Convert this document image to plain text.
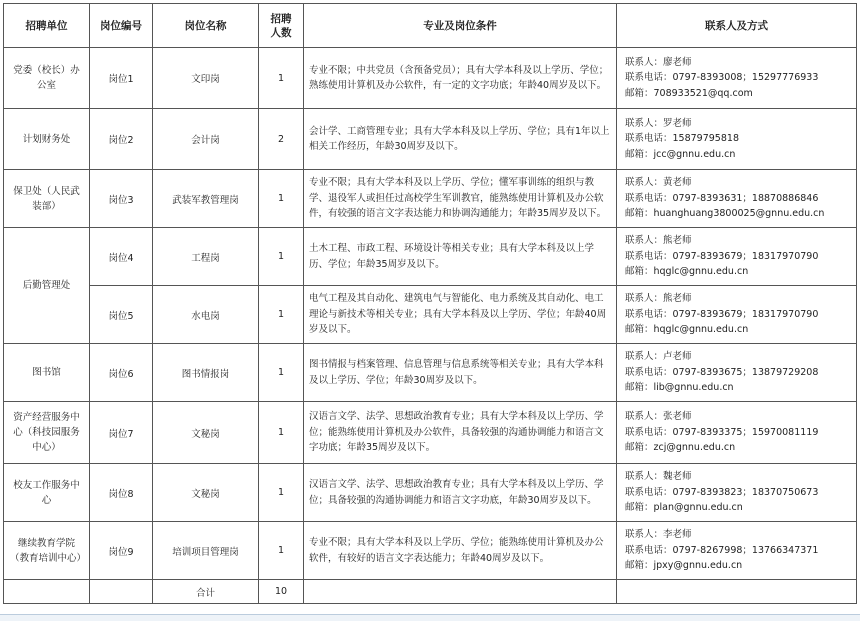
招聘单位	岗位编号	岗位名称	招聘人数	专业及岗位条件	联系人及方式
党委（校长）办公室	岗位1	文印岗	1	专业不限；中共党员（含预备党员）；具有大学本科及以上学历、学位；熟练使用计算机及办公软件，有一定的文字功底；年龄40周岁及以下。	联系人：廖老师
联系电话：0797-8393008；15297776933
邮箱：708933521@qq.com

计划财务处	岗位2	会计岗	2	会计学、工商管理专业；具有大学本科及以上学历、学位；具有1年以上相关工作经历，年龄30周岁及以下。	联系人：罗老师
联系电话：15879795818
邮箱：jcc@gnnu.edu.cn

保卫处（人民武装部）	岗位3	武装军教管理岗	1	专业不限；具有大学本科及以上学历、学位；懂军事训练的组织与教学、退役军人或担任过高校学生军训教官，能熟练使用计算机及办公软件，有较强的语言文字表达能力和协调沟通能力；年龄35周岁及以下。	联系人：黄老师
联系电话：0797-8393631；18870886846
邮箱：huanghuang3800025@gnnu.edu.cn

后勤管理处	岗位4	工程岗	1	土木工程、市政工程、环境设计等相关专业；具有大学本科及以上学历、学位；年龄35周岁及以下。	联系人：熊老师
联系电话：0797-8393679；18317970790
邮箱：hqglc@gnnu.edu.cn

	岗位5	水电岗	1	电气工程及其自动化、建筑电气与智能化、电力系统及其自动化、电工理论与新技术等相关专业；具有大学本科及以上学历、学位；年龄40周岁及以下。	联系人：熊老师
联系电话：0797-8393679；18317970790
邮箱：hqglc@gnnu.edu.cn

图书馆	岗位6	图书情报岗	1	图书情报与档案管理、信息管理与信息系统等相关专业；具有大学本科及以上学历、学位；年龄30周岁及以下。	联系人：卢老师
联系电话：0797-8393675；13879729208
邮箱：lib@gnnu.edu.cn

资产经营服务中心（科技园服务中心）	岗位7	文秘岗	1	汉语言文学、法学、思想政治教育专业；具有大学本科及以上学历、学位；能熟练使用计算机及办公软件，具备较强的沟通协调能力和语言文字功底；年龄35周岁及以下。	联系人：张老师
联系电话：0797-8393375；15970081119
邮箱：zcj@gnnu.edu.cn

校友工作服务中心	岗位8	文秘岗	1	汉语言文学、法学、思想政治教育专业；具有大学本科及以上学历、学位；具备较强的沟通协调能力和语言文字功底，年龄30周岁及以下。	联系人：魏老师
联系电话：0797-8393823；18370750673
邮箱：plan@gnnu.edu.cn

继续教育学院（教育培训中心）	岗位9	培训项目管理岗	1	专业不限；具有大学本科及以上学历、学位；能熟练使用计算机及办公软件，有较好的语言文字表达能力；年龄40周岁及以下。	联系人：李老师
联系电话：0797-8267998；13766347371
邮箱：jpxy@gnnu.edu.cn

		合计	10		
